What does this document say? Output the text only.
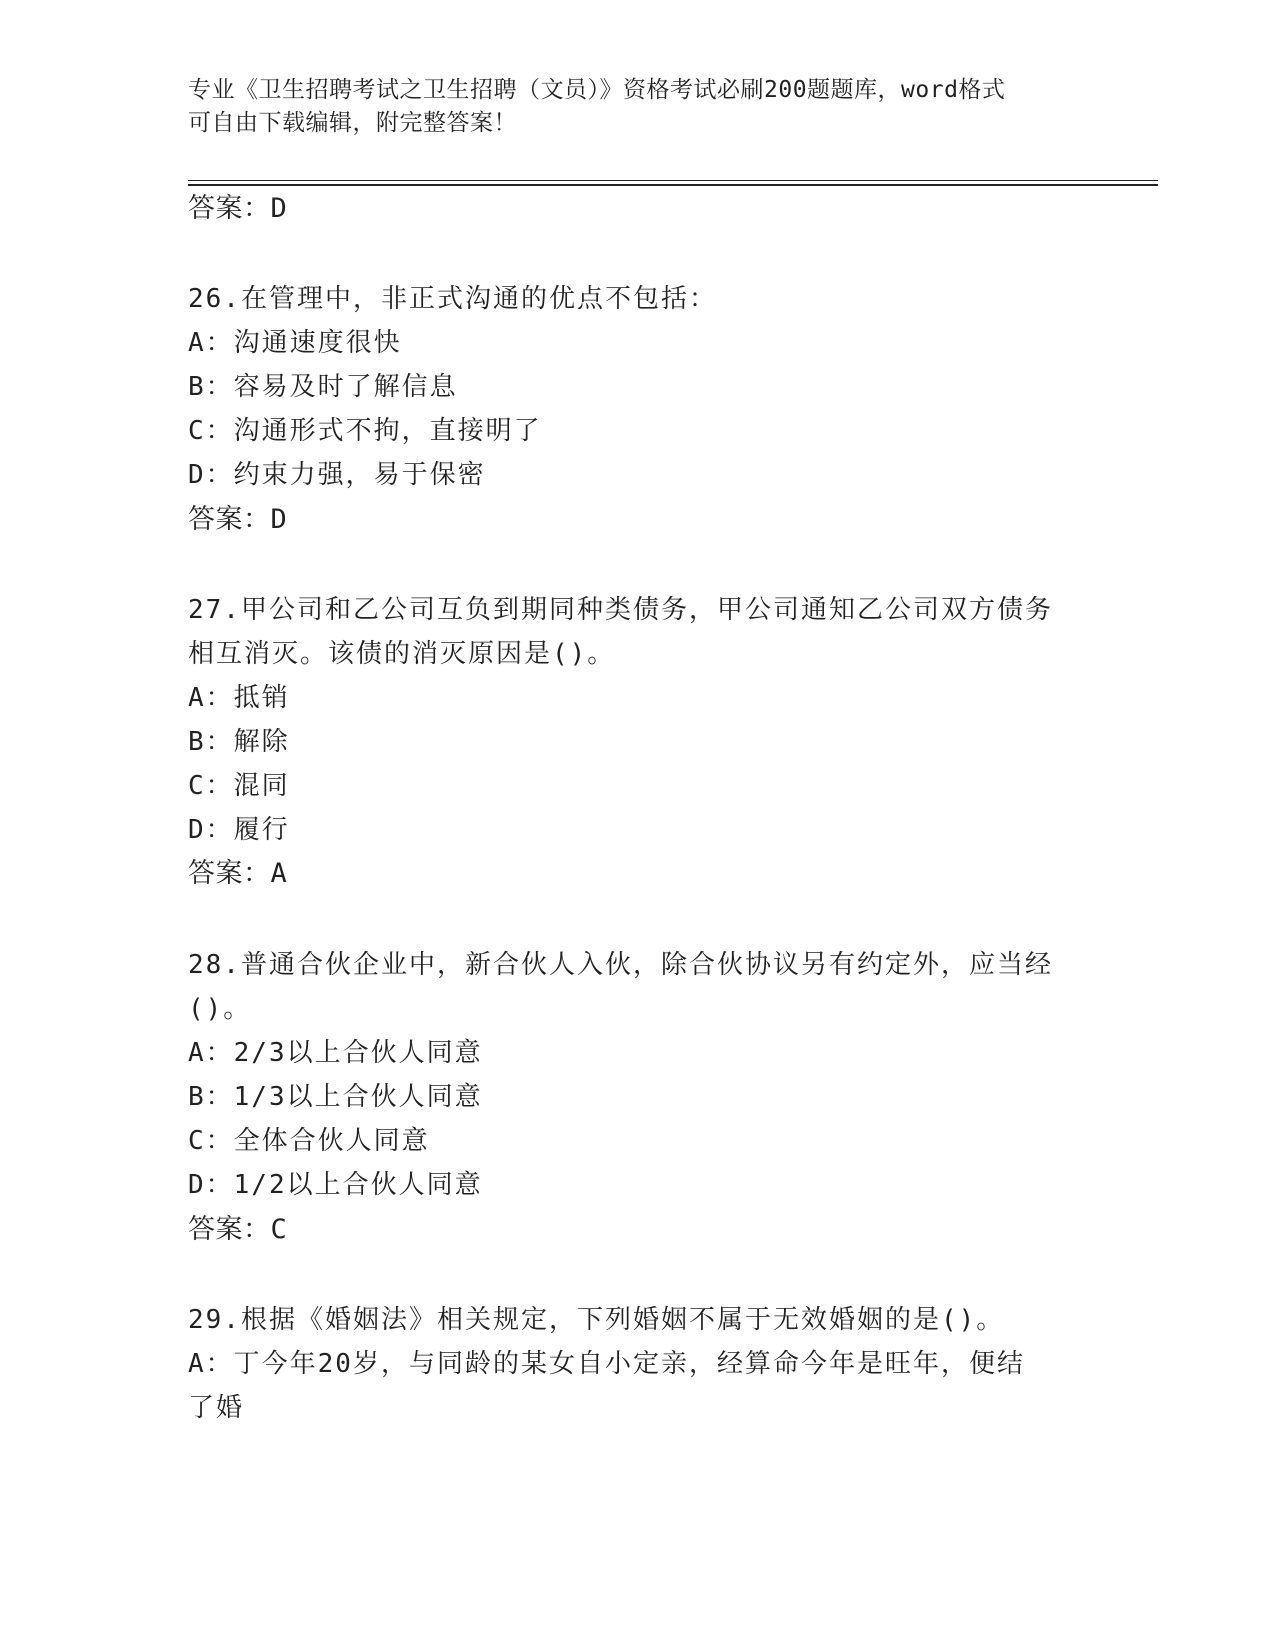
专业《卫生招聘考试之卫生招聘（文员）》资格考试必刷200题题库，word格式
可自由下载编辑，附完整答案！
答案：D
26.在管理中，非正式沟通的优点不包括：
A：沟通速度很快
B：容易及时了解信息
C：沟通形式不拘，直接明了
D：约束力强，易于保密
答案：D
27.甲公司和乙公司互负到期同种类债务，甲公司通知乙公司双方债务
相互消灭。该债的消灭原因是()。
A：抵销
B：解除
C：混同
D：履行
答案：A
28.普通合伙企业中，新合伙人入伙，除合伙协议另有约定外，应当经
()。
A：2/3以上合伙人同意
B：1/3以上合伙人同意
C：全体合伙人同意
D：1/2以上合伙人同意
答案：C
29.根据《婚姻法》相关规定，下列婚姻不属于无效婚姻的是()。
A：丁今年20岁，与同龄的某女自小定亲，经算命今年是旺年，便结
了婚
